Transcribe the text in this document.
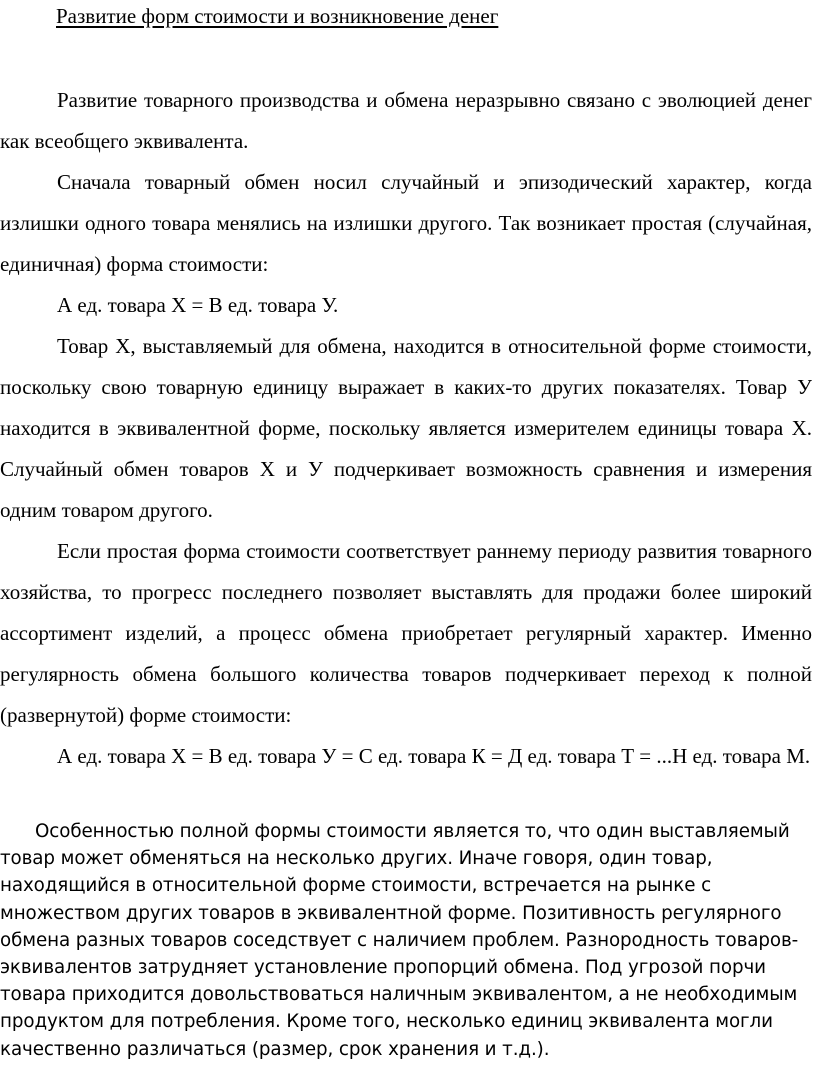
Развитие форм стоимости и возникновение денег

Развитие товарного производства и обмена неразрывно связано с эволюцией денег как всеобщего эквивалента.

Сначала товарный обмен носил случайный и эпизодический характер, когда излишки одного товара менялись на излишки другого. Так возникает простая (случайная, единичная) форма стоимости:

А ед. товара Х = В ед. товара У.

Товар Х, выставляемый для обмена, находится в относительной форме стоимости, поскольку свою товарную единицу выражает в каких-то других показателях. Товар У находится в эквивалентной форме, поскольку является измерителем единицы товара Х. Случайный обмен товаров Х и У подчеркивает возможность сравнения и измерения одним товаром другого.

Если простая форма стоимости соответствует раннему периоду развития товарного хозяйства, то прогресс последнего позволяет выставлять для продажи более широкий ассортимент изделий, а процесс обмена приобретает регулярный характер. Именно регулярность обмена большого количества товаров подчеркивает переход к полной (развернутой) форме стоимости:

А ед. товара Х = В ед. товара У = С ед. товара К = Д ед. товара Т = ...Н ед. товара М.

Особенностью полной формы стоимости является то, что один выставляемый товар может обменяться на несколько других. Иначе говоря, один товар, находящийся в относительной форме стоимости, встречается на рынке с множеством других товаров в эквивалентной форме. Позитивность регулярного обмена разных товаров соседствует с наличием проблем. Разнородность товаров-эквивалентов затрудняет установление пропорций обмена. Под угрозой порчи товара приходится довольствоваться наличным эквивалентом, а не необходимым продуктом для потребления. Кроме того, несколько единиц эквивалента могли качественно различаться (размер, срок хранения и т.д.).
